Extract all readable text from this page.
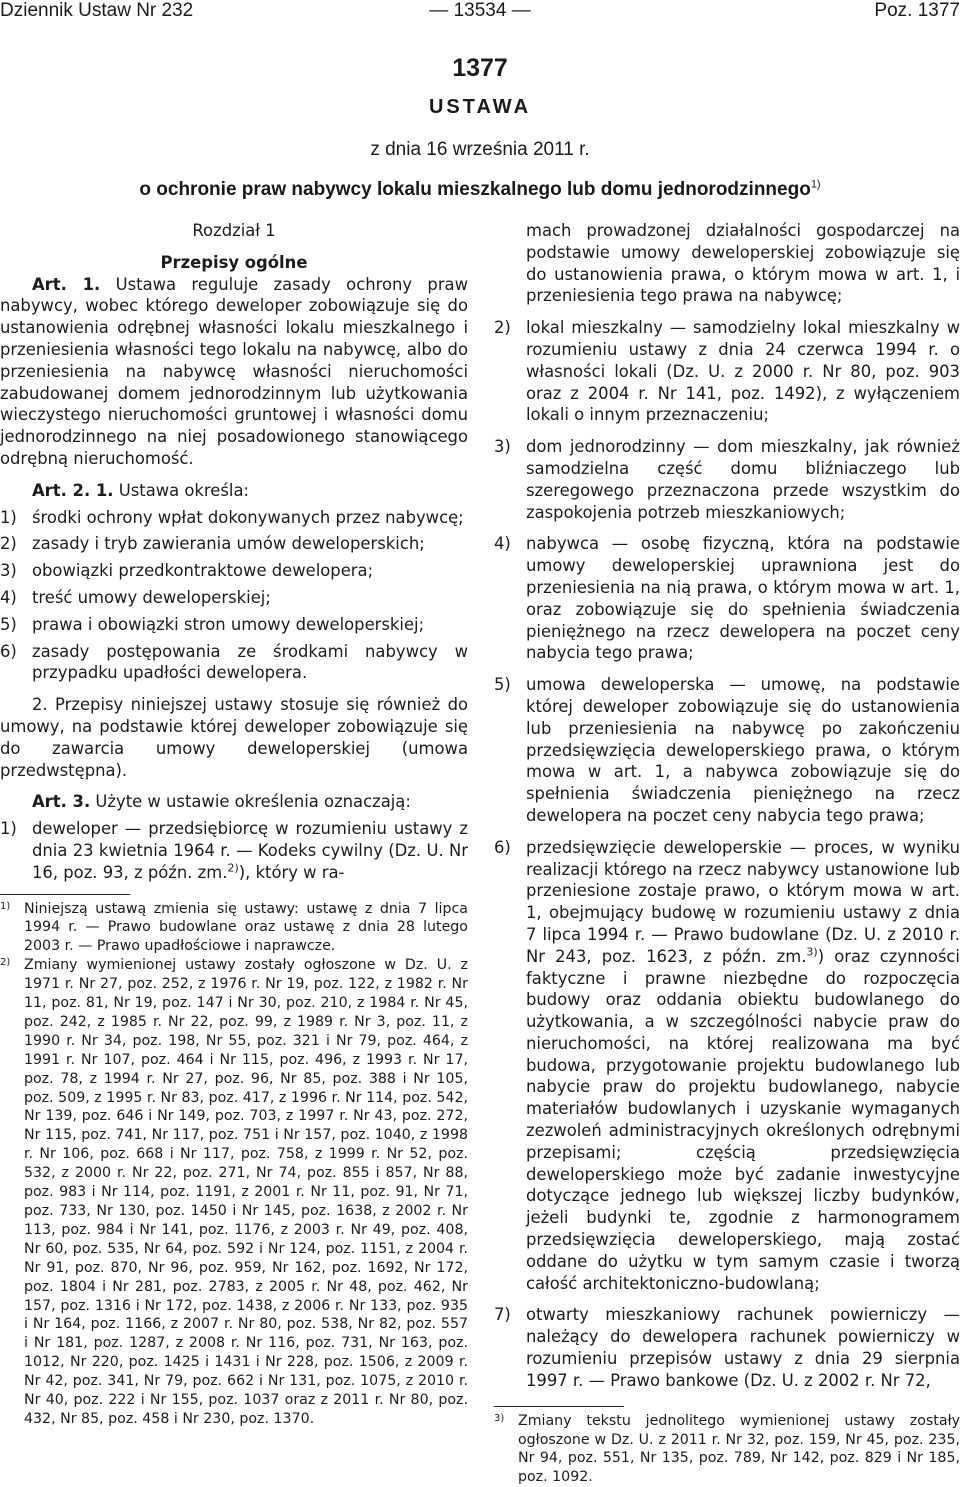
Dziennik Ustaw Nr 232	— 13534 —	Poz. 1377
1377
USTAWA
z dnia 16 września 2011 r.
o ochronie praw nabywcy lokalu mieszkalnego lub domu jednorodzinnego$^{1)}$
Rozdział 1
Przepisy ogólne
Art. 1. Ustawa reguluje zasady ochrony praw nabywcy, wobec którego deweloper zobowiązuje się do ustanowienia odrębnej własności lokalu mieszkalnego i przeniesienia własności tego lokalu na nabywcę, albo do przeniesienia na nabywcę własności nieruchomości zabudowanej domem jednorodzinnym lub użytkowania wieczystego nieruchomości gruntowej i własności domu jednorodzinnego na niej posadowionego stanowiącego odrębną nieruchomość.
Art. 2. 1. Ustawa określa:
1) środki ochrony wpłat dokonywanych przez nabywcę;
2) zasady i tryb zawierania umów deweloperskich;
3) obowiązki przedkontraktowe dewelopera;
4) treść umowy deweloperskiej;
5) prawa i obowiązki stron umowy deweloperskiej;
6) zasady postępowania ze środkami nabywcy w przypadku upadłości dewelopera.
2. Przepisy niniejszej ustawy stosuje się również do umowy, na podstawie której deweloper zobowiązuje się do zawarcia umowy deweloperskiej (umowa przedwstępna).
Art. 3. Użyte w ustawie określenia oznaczają:
1) deweloper — przedsiębiorcę w rozumieniu ustawy z dnia 23 kwietnia 1964 r. — Kodeks cywilny (Dz. U. Nr 16, poz. 93, z późn. zm.$^{2)}$), który w ra-
1) Niniejszą ustawą zmienia się ustawy: ustawę z dnia 7 lipca 1994 r. — Prawo budowlane oraz ustawę z dnia 28 lutego 2003 r. — Prawo upadłościowe i naprawcze.
2) Zmiany wymienionej ustawy zostały ogłoszone w Dz. U. z 1971 r. Nr 27, poz. 252, z 1976 r. Nr 19, poz. 122, z 1982 r. Nr 11, poz. 81, Nr 19, poz. 147 i Nr 30, poz. 210, z 1984 r. Nr 45, poz. 242, z 1985 r. Nr 22, poz. 99, z 1989 r. Nr 3, poz. 11, z 1990 r. Nr 34, poz. 198, Nr 55, poz. 321 i Nr 79, poz. 464, z 1991 r. Nr 107, poz. 464 i Nr 115, poz. 496, z 1993 r. Nr 17, poz. 78, z 1994 r. Nr 27, poz. 96, Nr 85, poz. 388 i Nr 105, poz. 509, z 1995 r. Nr 83, poz. 417, z 1996 r. Nr 114, poz. 542, Nr 139, poz. 646 i Nr 149, poz. 703, z 1997 r. Nr 43, poz. 272, Nr 115, poz. 741, Nr 117, poz. 751 i Nr 157, poz. 1040, z 1998 r. Nr 106, poz. 668 i Nr 117, poz. 758, z 1999 r. Nr 52, poz. 532, z 2000 r. Nr 22, poz. 271, Nr 74, poz. 855 i 857, Nr 88, poz. 983 i Nr 114, poz. 1191, z 2001 r. Nr 11, poz. 91, Nr 71, poz. 733, Nr 130, poz. 1450 i Nr 145, poz. 1638, z 2002 r. Nr 113, poz. 984 i Nr 141, poz. 1176, z 2003 r. Nr 49, poz. 408, Nr 60, poz. 535, Nr 64, poz. 592 i Nr 124, poz. 1151, z 2004 r. Nr 91, poz. 870, Nr 96, poz. 959, Nr 162, poz. 1692, Nr 172, poz. 1804 i Nr 281, poz. 2783, z 2005 r. Nr 48, poz. 462, Nr 157, poz. 1316 i Nr 172, poz. 1438, z 2006 r. Nr 133, poz. 935 i Nr 164, poz. 1166, z 2007 r. Nr 80, poz. 538, Nr 82, poz. 557 i Nr 181, poz. 1287, z 2008 r. Nr 116, poz. 731, Nr 163, poz. 1012, Nr 220, poz. 1425 i 1431 i Nr 228, poz. 1506, z 2009 r. Nr 42, poz. 341, Nr 79, poz. 662 i Nr 131, poz. 1075, z 2010 r. Nr 40, poz. 222 i Nr 155, poz. 1037 oraz z 2011 r. Nr 80, poz. 432, Nr 85, poz. 458 i Nr 230, poz. 1370.
mach prowadzonej działalności gospodarczej na podstawie umowy deweloperskiej zobowiązuje się do ustanowienia prawa, o którym mowa w art. 1, i przeniesienia tego prawa na nabywcę;
2) lokal mieszkalny — samodzielny lokal mieszkalny w rozumieniu ustawy z dnia 24 czerwca 1994 r. o własności lokali (Dz. U. z 2000 r. Nr 80, poz. 903 oraz z 2004 r. Nr 141, poz. 1492), z wyłączeniem lokali o innym przeznaczeniu;
3) dom jednorodzinny — dom mieszkalny, jak również samodzielna część domu bliźniaczego lub szeregowego przeznaczona przede wszystkim do zaspokojenia potrzeb mieszkaniowych;
4) nabywca — osobę fizyczną, która na podstawie umowy deweloperskiej uprawniona jest do przeniesienia na nią prawa, o którym mowa w art. 1, oraz zobowiązuje się do spełnienia świadczenia pieniężnego na rzecz dewelopera na poczet ceny nabycia tego prawa;
5) umowa deweloperska — umowę, na podstawie której deweloper zobowiązuje się do ustanowienia lub przeniesienia na nabywcę po zakończeniu przedsięwzięcia deweloperskiego prawa, o którym mowa w art. 1, a nabywca zobowiązuje się do spełnienia świadczenia pieniężnego na rzecz dewelopera na poczet ceny nabycia tego prawa;
6) przedsięwzięcie deweloperskie — proces, w wyniku realizacji którego na rzecz nabywcy ustanowione lub przeniesione zostaje prawo, o którym mowa w art. 1, obejmujący budowę w rozumieniu ustawy z dnia 7 lipca 1994 r. — Prawo budowlane (Dz. U. z 2010 r. Nr 243, poz. 1623, z późn. zm.$^{3)}$) oraz czynności faktyczne i prawne niezbędne do rozpoczęcia budowy oraz oddania obiektu budowlanego do użytkowania, a w szczególności nabycie praw do nieruchomości, na której realizowana ma być budowa, przygotowanie projektu budowlanego lub nabycie praw do projektu budowlanego, nabycie materiałów budowlanych i uzyskanie wymaganych zezwoleń administracyjnych określonych odrębnymi przepisami; częścią przedsięwzięcia deweloperskiego może być zadanie inwestycyjne dotyczące jednego lub większej liczby budynków, jeżeli budynki te, zgodnie z harmonogramem przedsięwzięcia deweloperskiego, mają zostać oddane do użytku w tym samym czasie i tworzą całość architektoniczno-budowlaną;
7) otwarty mieszkaniowy rachunek powierniczy — należący do dewelopera rachunek powierniczy w rozumieniu przepisów ustawy z dnia 29 sierpnia 1997 r. — Prawo bankowe (Dz. U. z 2002 r. Nr 72,
3) Zmiany tekstu jednolitego wymienionej ustawy zostały ogłoszone w Dz. U. z 2011 r. Nr 32, poz. 159, Nr 45, poz. 235, Nr 94, poz. 551, Nr 135, poz. 789, Nr 142, poz. 829 i Nr 185, poz. 1092.
